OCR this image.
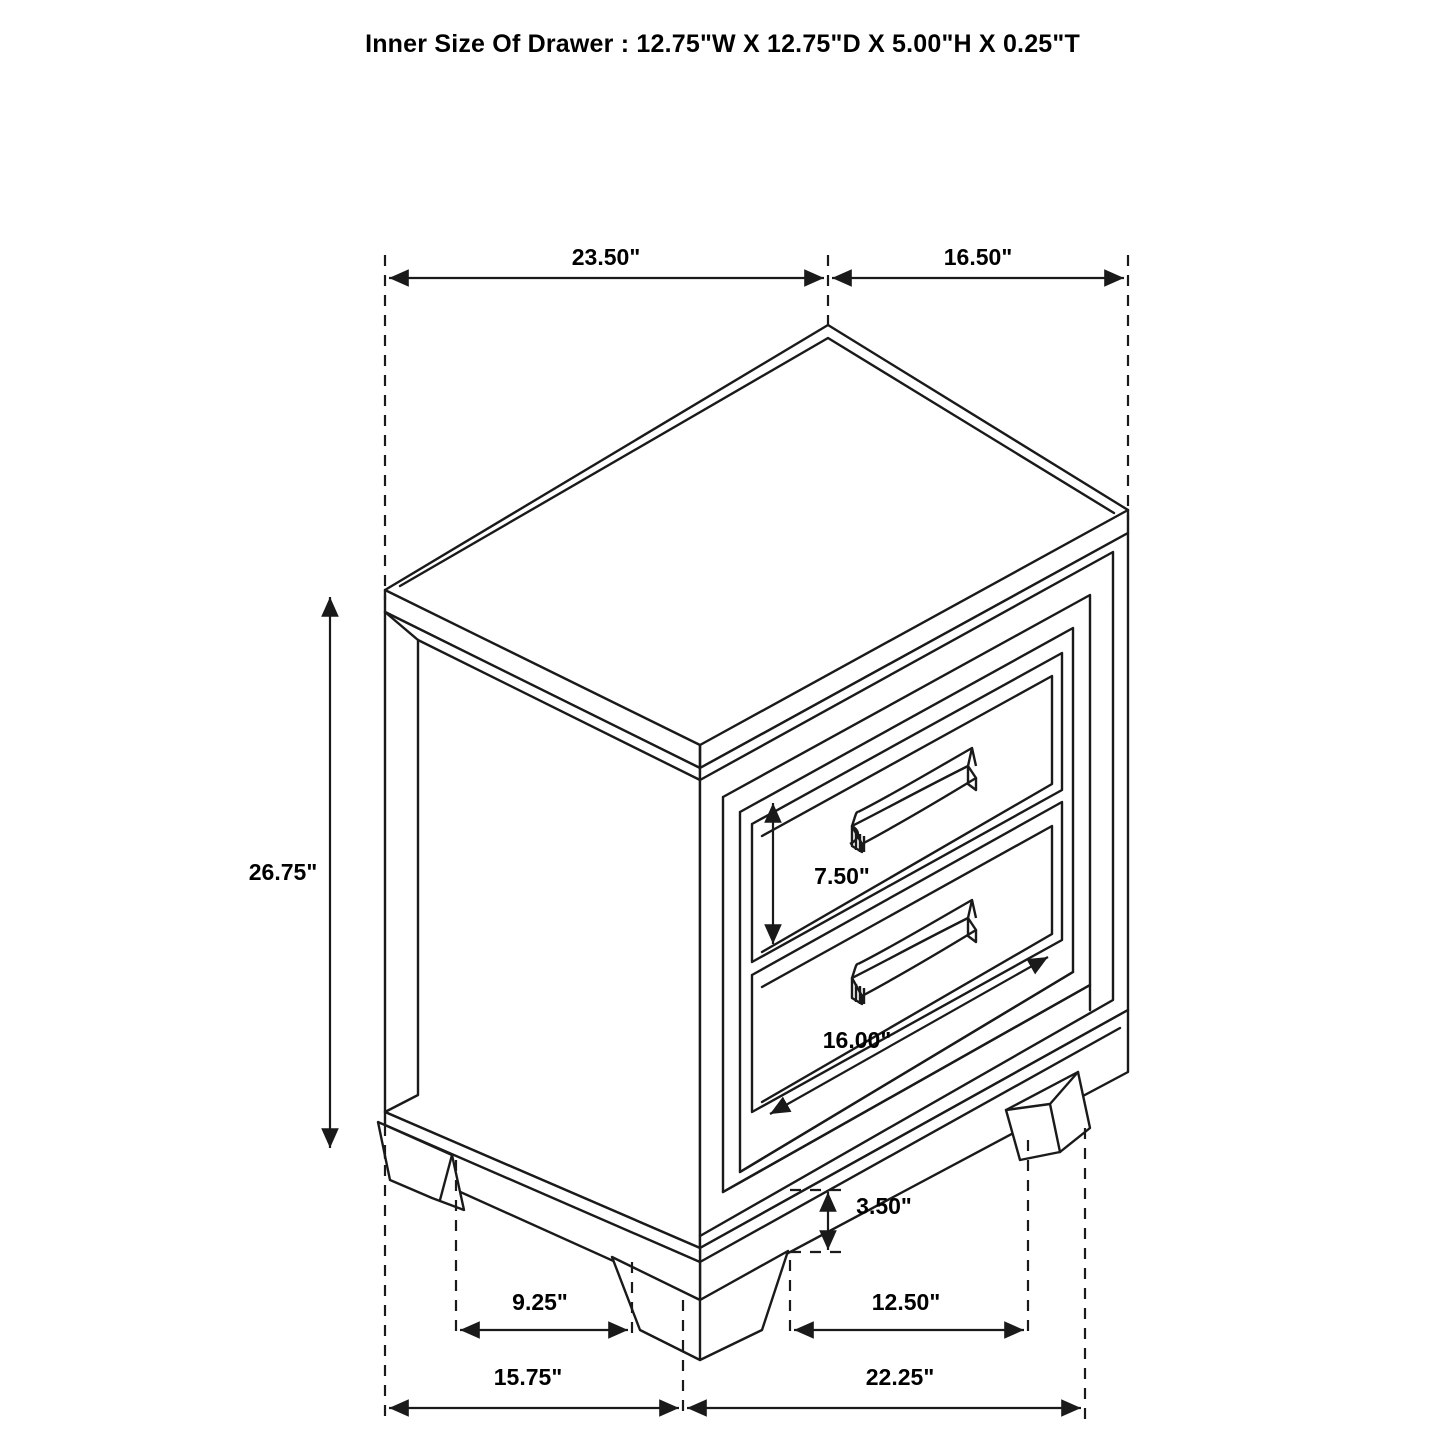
Inner Size Of Drawer : 12.75"W X 12.75"D X 5.00"H X 0.25"T
23.50"	16.50"
26.75"	7.50"
16.00"
3.50"
9.25"	12.50"
15.75"	22.25"
